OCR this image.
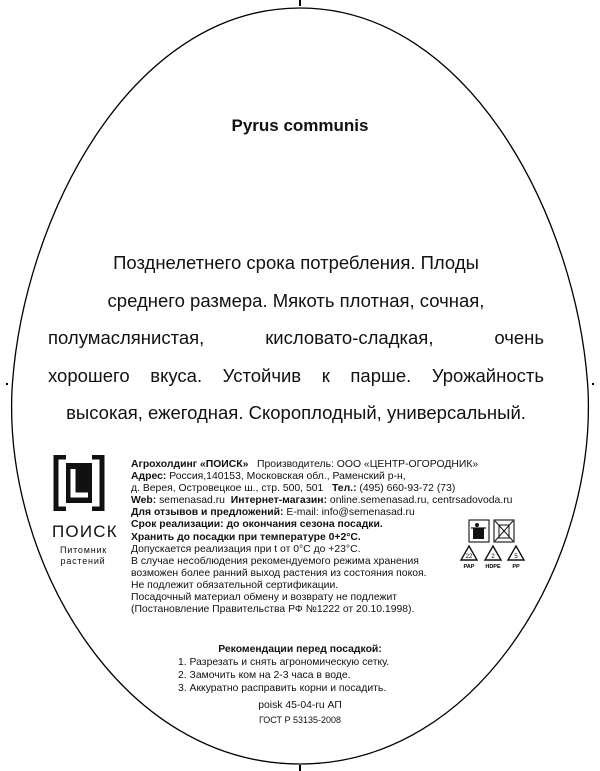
Pyrus communis
Позднелетнего срока потребления. Плоды
среднего размера. Мякоть плотная, сочная,
полумаслянистая, кисловато-сладкая, очень
хорошего вкуса. Устойчив к парше. Урожайность
высокая, ежегодная. Скороплодный, универсальный.
ПОИСК
Питомник
растений
Агрохолдинг «ПОИСК» Производитель: ООО «ЦЕНТР-ОГОРОДНИК»
Адрес: Россия,140153, Московская обл., Раменский р-н,
д. Верея, Островецкое ш., стр. 500, 501 Тел.: (495) 660-93-72 (73)
Web: semenasad.ru Интернет-магазин: online.semenasad.ru, centrsadovoda.ru
Для отзывов и предложений: E-mail: info@semenasad.ru
Срок реализации: до окончания сезона посадки.
Хранить до посадки при температуре 0+2°С.
Допускается реализация при t от 0°С до +23°С.
В случае несоблюдения рекомендуемого режима хранения
возможен более ранний выход растения из состояния покоя.
Не подлежит обязательной сертификации.
Посадочный материал обмену и возврату не подлежит
(Постановление Правительства РФ №1222 от 20.10.1998).
22
PAP
2
HDPE
5
PP
Рекомендации перед посадкой:
1. Разрезать и снять агрономическую сетку.
2. Замочить ком на 2-3 часа в воде.
3. Аккуратно расправить корни и посадить.
poisk 45-04-ru АП
ГОСТ Р 53135-2008
